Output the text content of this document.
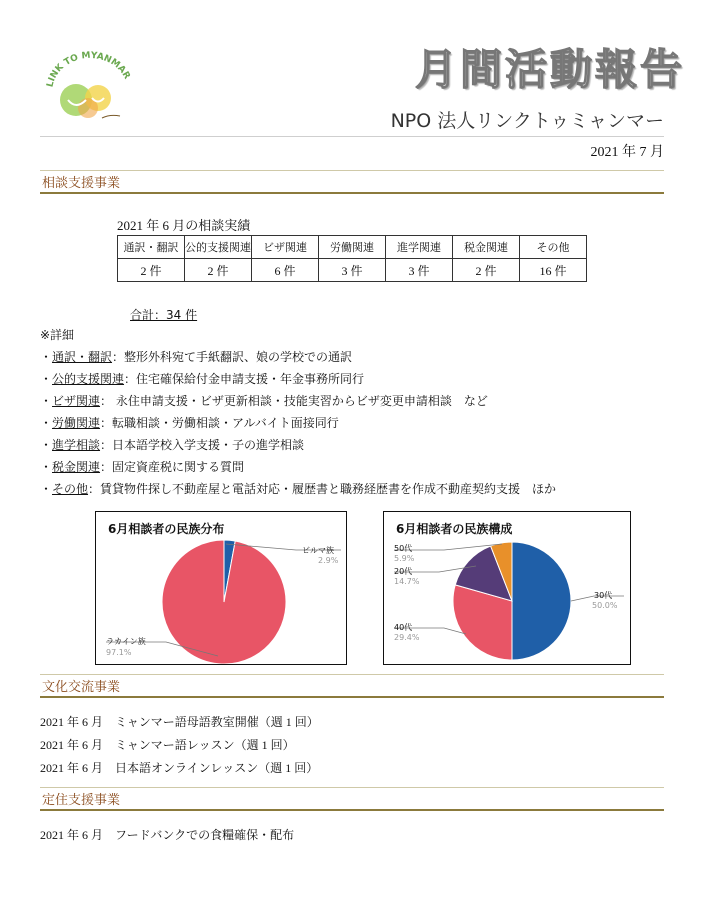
LINK TO MYANMAR	月間活動報告
NPO 法人リンクトゥミャンマー
2021 年 7 月
相談支援事業
2021 年 6 月の相談実績
通訳・翻訳	公的支援関連	ビザ関連	労働関連	進学関連	税金関連	その他
2 件	2 件	6 件	3 件	3 件	2 件	16 件
合計：34 件
※詳細
・通訳・翻訳：整形外科宛て手紙翻訳、娘の学校での通訳
・公的支援関連：住宅確保給付金申請支援・年金事務所同行
・ビザ関連： 永住申請支援・ビザ更新相談・技能実習からビザ変更申請相談　など
・労働関連：転職相談・労働相談・アルバイト面接同行
・進学相談：日本語学校入学支援・子の進学相談
・税金関連：固定資産税に関する質問
・その他：賃貸物件探し不動産屋と電話対応・履歴書と職務経歴書を作成不動産契約支援　ほか
6月相談者の民族分布
ビルマ族
2.9%
ラカイン族
97.1%
6月相談者の民族構成
30代
50.0%
40代
29.4%
20代
14.7%
50代
5.9%
文化交流事業
2021 年 6 月　ミャンマー語母語教室開催（週 1 回）
2021 年 6 月　ミャンマー語レッスン（週 1 回）
2021 年 6 月　日本語オンラインレッスン（週 1 回）
定住支援事業
2021 年 6 月　フードバンクでの食糧確保・配布
